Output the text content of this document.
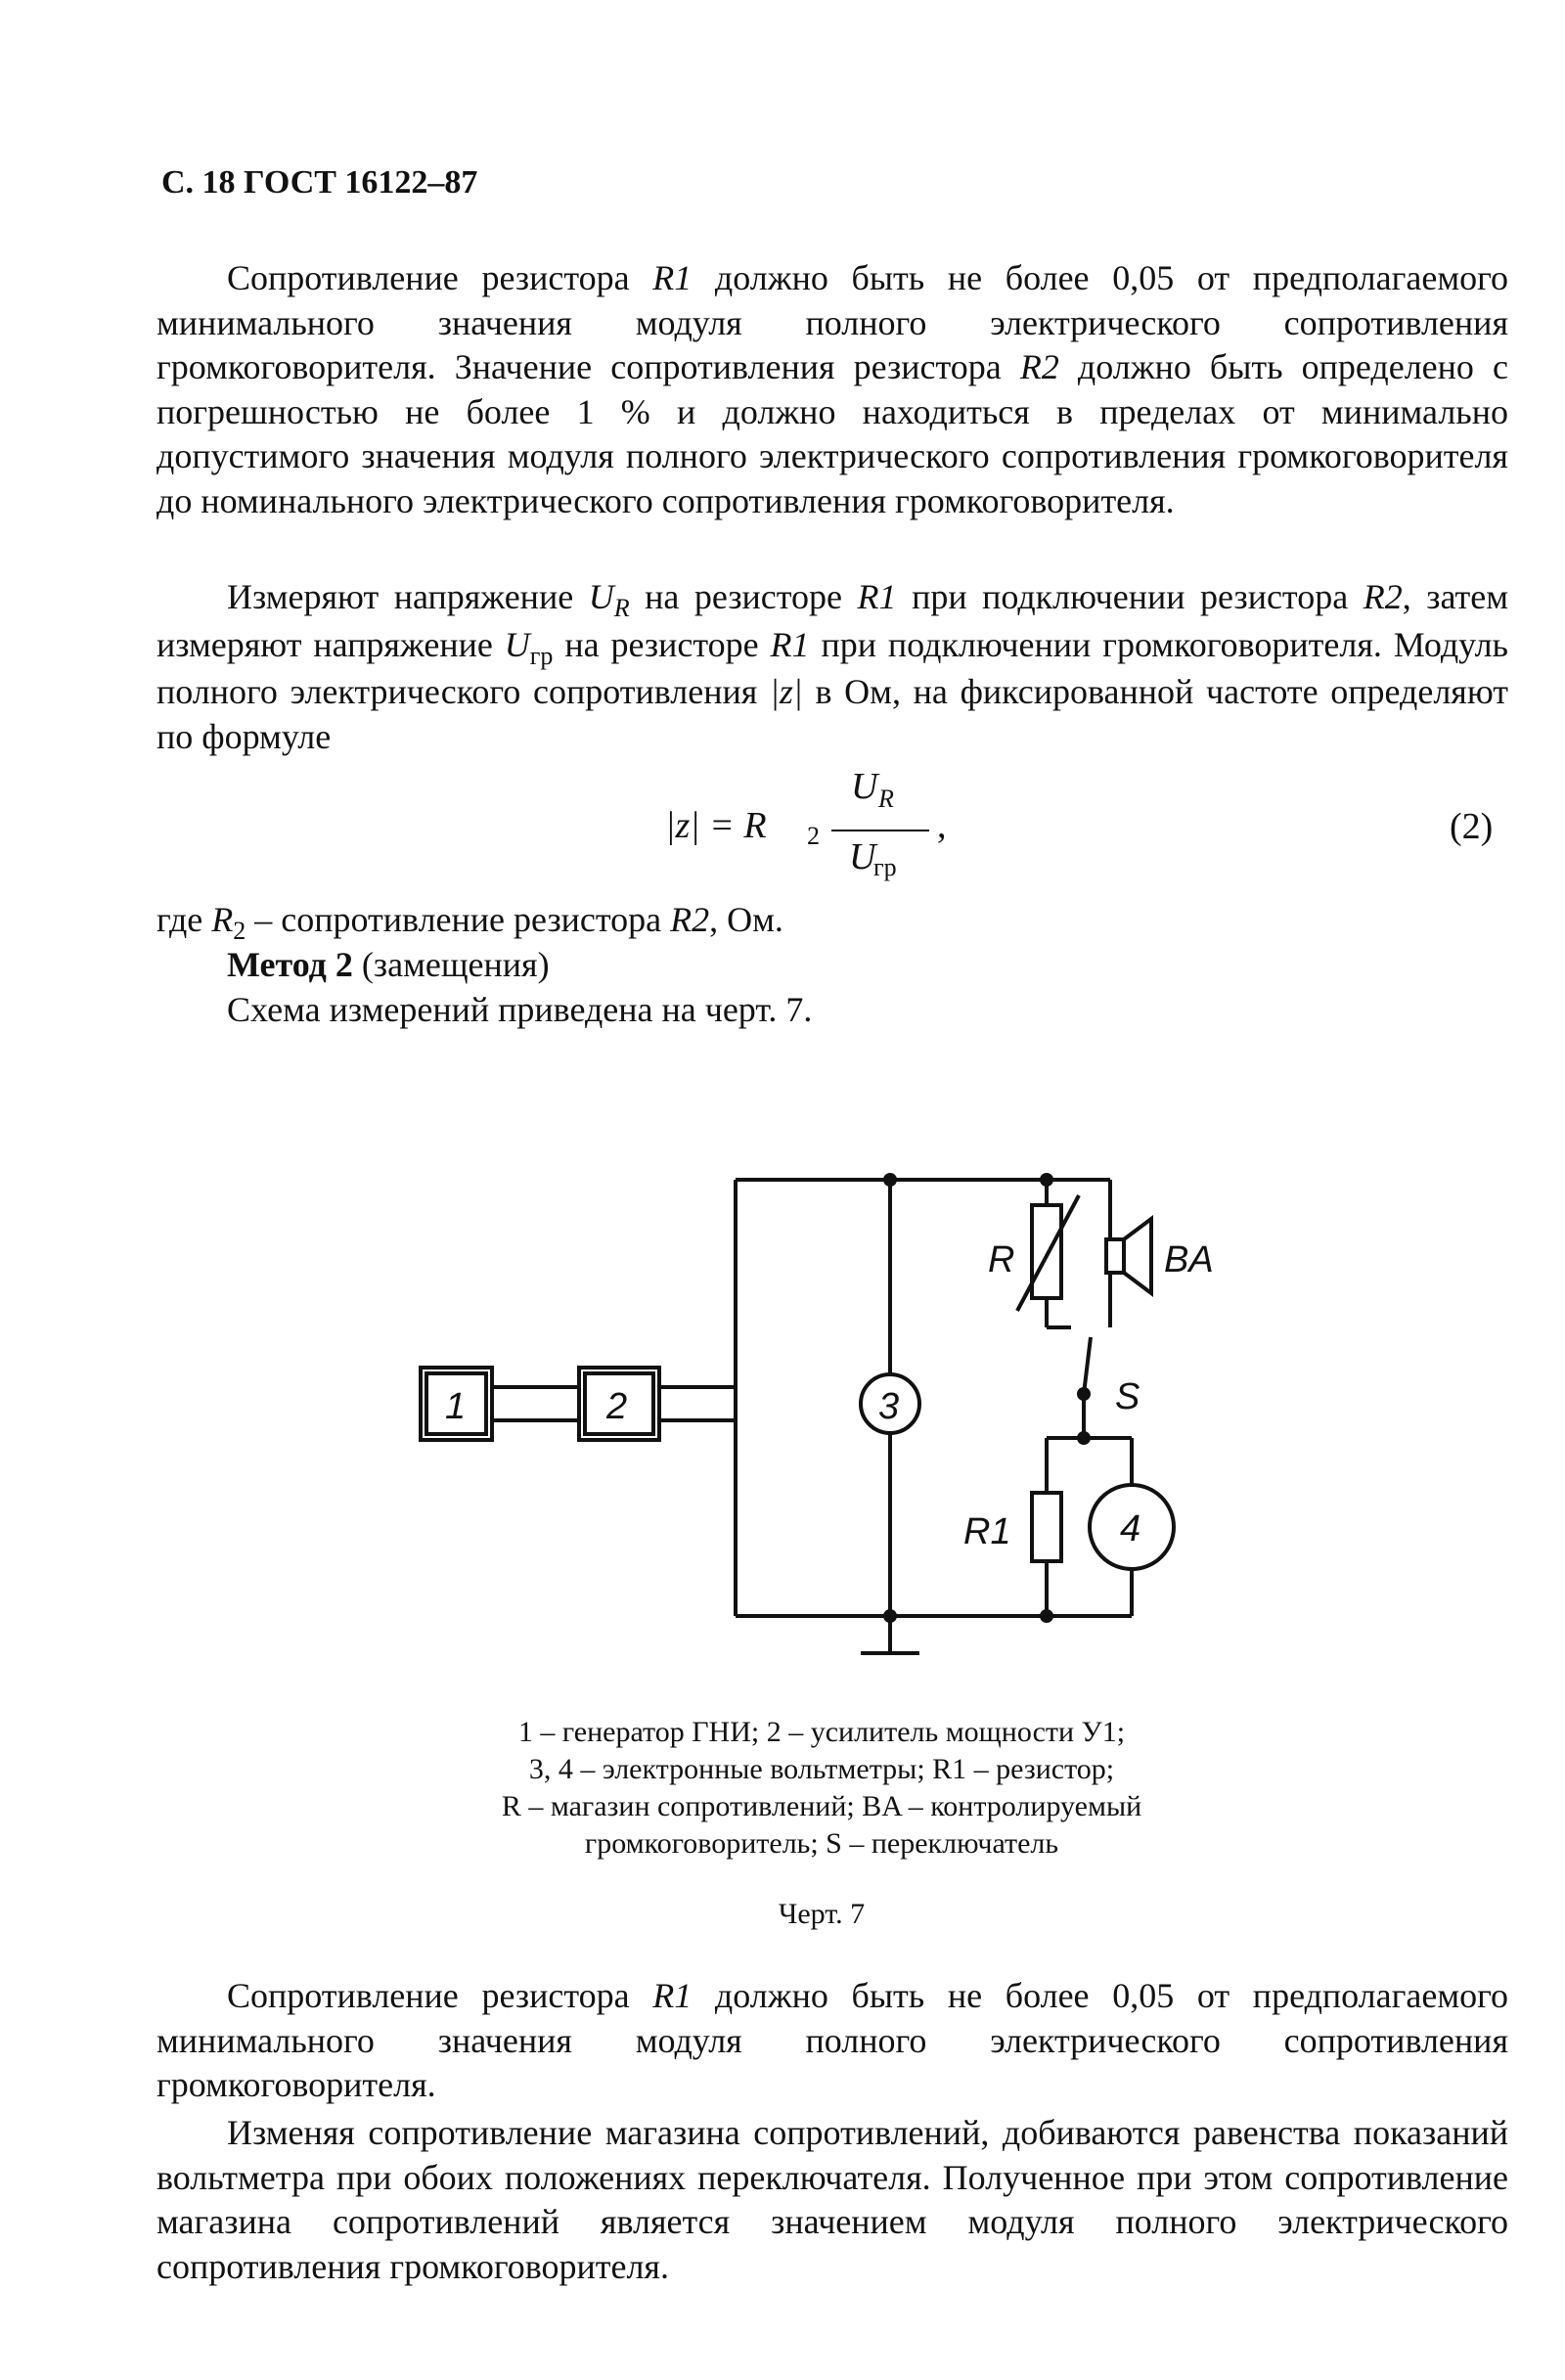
С. 18 ГОСТ 16122–87
Сопротивление резистора R1 должно быть не более 0,05 от предполагаемого минимального значения модуля полного электрического сопротивления громкоговорителя. Значение сопротивления резистора R2 должно быть определено с погрешностью не более 1 % и должно находиться в пределах от минимально допустимого значения модуля полного электрического сопротивления громкоговорителя до номинального электрического сопротивления громкоговорителя.
Измеряют напряжение $U_R$ на резисторе R1 при подключении резистора R2, затем измеряют напряжение $U_{гр}$ на резисторе R1 при подключении громкоговорителя. Модуль полного электрического сопротивления |z| в Ом, на фиксированной частоте определяют по формуле
|z| = R 2
U R
U
гр
,	(2)
где $R_2$ – сопротивление резистора R2, Ом.
Метод 2 (замещения)
Схема измерений приведена на черт. 7.
1	2	3
4
R	BA
S
R1
1 – генератор ГНИ; 2 – усилитель мощности У1;
3, 4 – электронные вольтметры; R1 – резистор;
R – магазин сопротивлений; BA – контролируемый
громкоговоритель; S – переключатель
Черт. 7
Сопротивление резистора R1 должно быть не более 0,05 от предполагаемого минимального значения модуля полного электрического сопротивления громкоговорителя.
Изменяя сопротивление магазина сопротивлений, добиваются равенства показаний вольтметра при обоих положениях переключателя. Полученное при этом сопротивление магазина сопротивлений является значением модуля полного электрического сопротивления громкоговорителя.
